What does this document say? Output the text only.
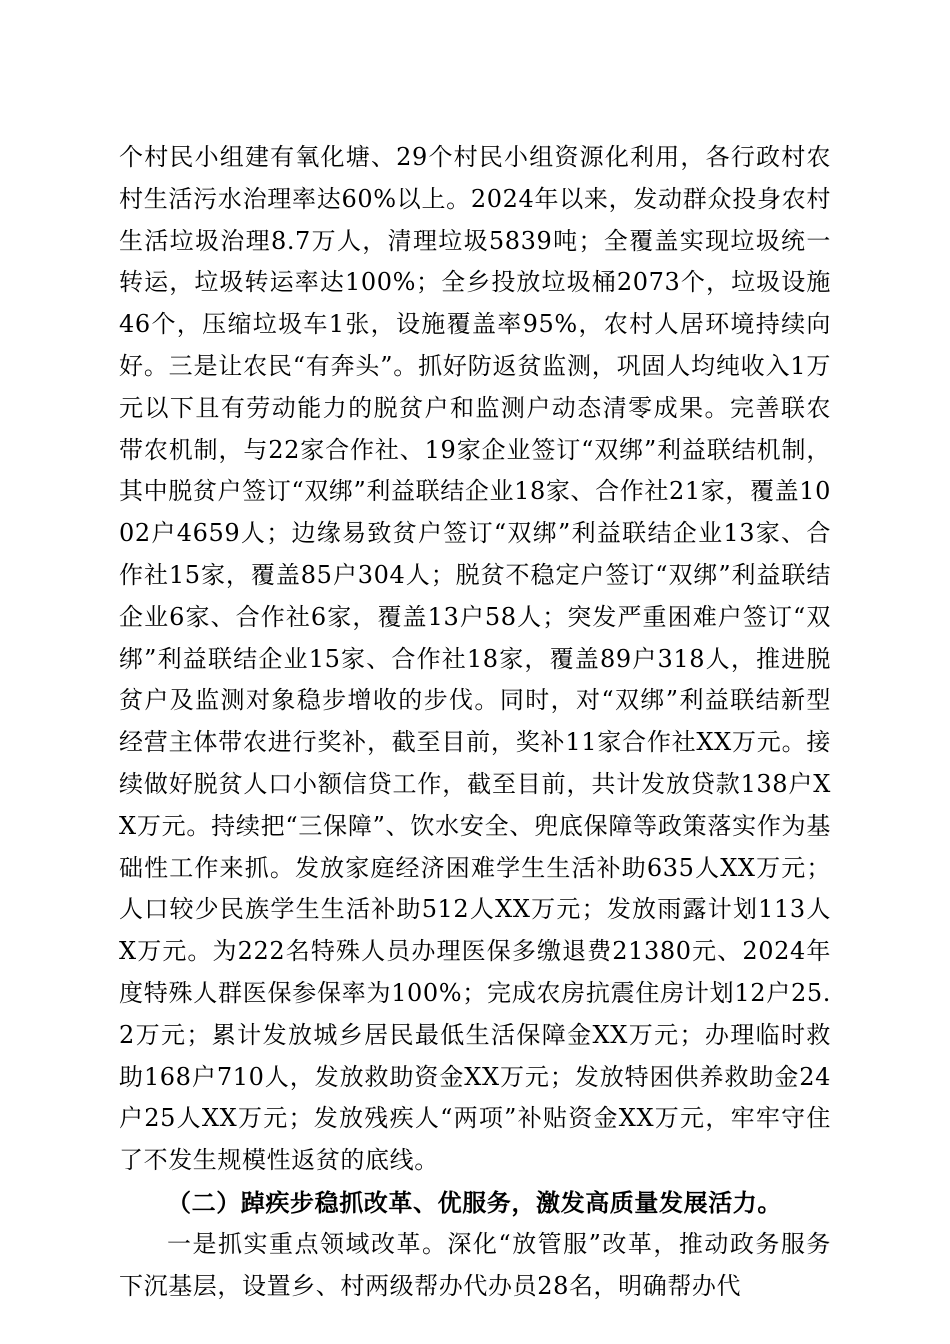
个村民小组建有氧化塘、29个村民小组资源化利用，各行政村农村生活污水治理率达60%以上。2024年以来，发动群众投身农村生活垃圾治理8.7万人，清理垃圾5839吨；全覆盖实现垃圾统一转运，垃圾转运率达100%；全乡投放垃圾桶2073个，垃圾设施46个，压缩垃圾车1张，设施覆盖率95%，农村人居环境持续向好。三是让农民“有奔头”。抓好防返贫监测，巩固人均纯收入1万元以下且有劳动能力的脱贫户和监测户动态清零成果。完善联农带农机制，与22家合作社、19家企业签订“双绑”利益联结机制，其中脱贫户签订“双绑”利益联结企业18家、合作社21家，覆盖1002户4659人；边缘易致贫户签订“双绑”利益联结企业13家、合作社15家，覆盖85户304人；脱贫不稳定户签订“双绑”利益联结企业6家、合作社6家，覆盖13户58人；突发严重困难户签订“双绑”利益联结企业15家、合作社18家，覆盖89户318人，推进脱贫户及监测对象稳步增收的步伐。同时，对“双绑”利益联结新型经营主体带农进行奖补，截至目前，奖补11家合作社XX万元。接续做好脱贫人口小额信贷工作，截至目前，共计发放贷款138户XX万元。持续把“三保障”、饮水安全、兜底保障等政策落实作为基础性工作来抓。发放家庭经济困难学生生活补助635人XX万元；人口较少民族学生生活补助512人XX万元；发放雨露计划113人X万元。为222名特殊人员办理医保多缴退费21380元、2024年度特殊人群医保参保率为100%；完成农房抗震住房计划12户25.2万元；累计发放城乡居民最低生活保障金XX万元；办理临时救助168户710人，发放救助资金XX万元；发放特困供养救助金24户25人XX万元；发放残疾人“两项”补贴资金XX万元，牢牢守住了不发生规模性返贫的底线。

（二）踔疾步稳抓改革、优服务，激发高质量发展活力。

一是抓实重点领域改革。深化“放管服”改革，推动政务服务下沉基层，设置乡、村两级帮办代办员28名，明确帮办代
